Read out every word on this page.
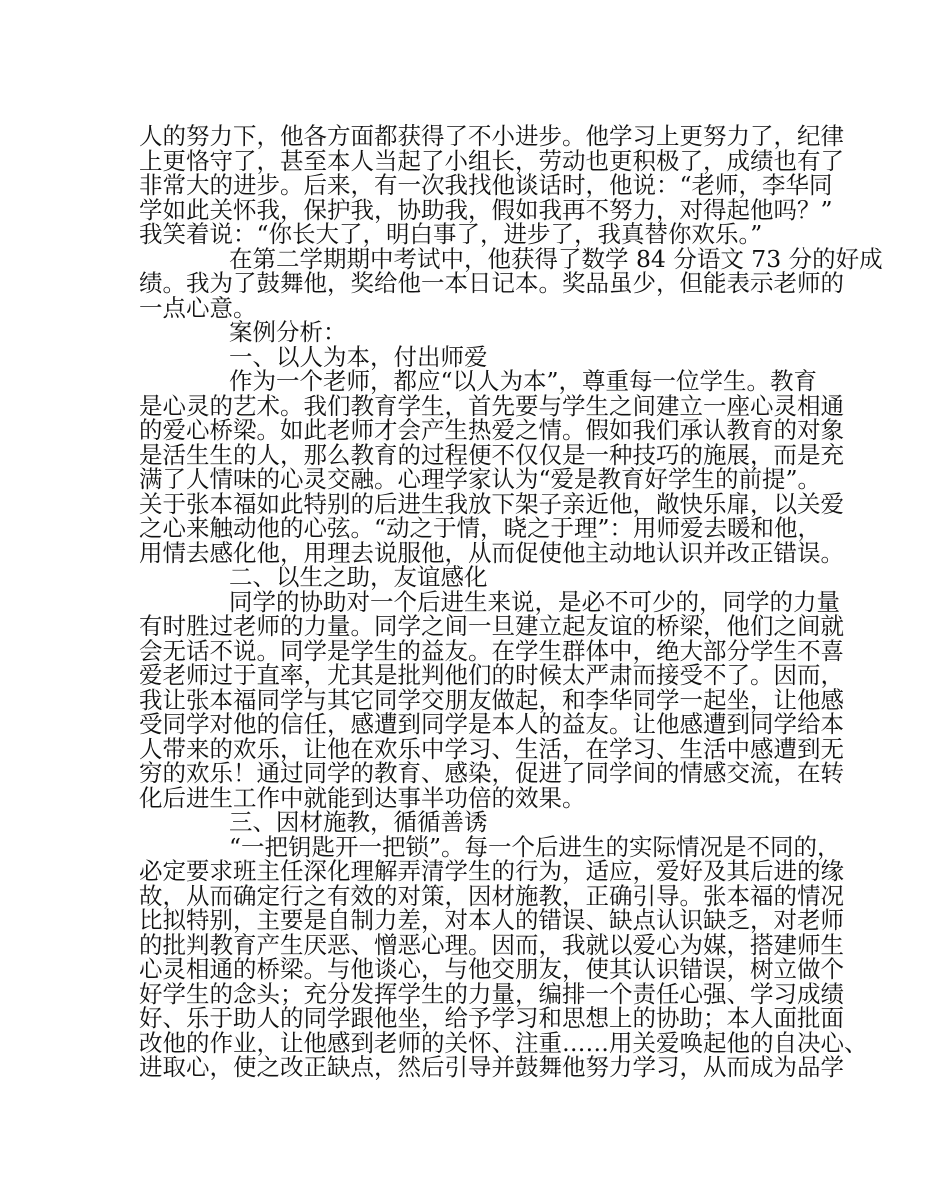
人的努力下，他各方面都获得了不小进步。他学习上更努力了，纪律
上更恪守了，甚至本人当起了小组长，劳动也更积极了，成绩也有了
非常大的进步。后来，有一次我找他谈话时，他说：“老师，李华同
学如此关怀我，保护我，协助我，假如我再不努力，对得起他吗？”
我笑着说：“你长大了，明白事了，进步了，我真替你欢乐。”
在第二学期期中考试中，他获得了数学 84 分语文 73 分的好成
绩。我为了鼓舞他，奖给他一本日记本。奖品虽少，但能表示老师的
一点心意。
案例分析：
一、以人为本，付出师爱
作为一个老师，都应“以人为本”，尊重每一位学生。教育
是心灵的艺术。我们教育学生，首先要与学生之间建立一座心灵相通
的爱心桥梁。如此老师才会产生热爱之情。假如我们承认教育的对象
是活生生的人，那么教育的过程便不仅仅是一种技巧的施展，而是充
满了人情味的心灵交融。心理学家认为“爱是教育好学生的前提”。
关于张本福如此特别的后进生我放下架子亲近他，敞快乐扉，以关爱
之心来触动他的心弦。“动之于情，晓之于理”：用师爱去暖和他，
用情去感化他，用理去说服他，从而促使他主动地认识并改正错误。
二、以生之助，友谊感化
同学的协助对一个后进生来说，是必不可少的，同学的力量
有时胜过老师的力量。同学之间一旦建立起友谊的桥梁，他们之间就
会无话不说。同学是学生的益友。在学生群体中，绝大部分学生不喜
爱老师过于直率，尤其是批判他们的时候太严肃而接受不了。因而，
我让张本福同学与其它同学交朋友做起，和李华同学一起坐，让他感
受同学对他的信任，感遭到同学是本人的益友。让他感遭到同学给本
人带来的欢乐，让他在欢乐中学习、生活，在学习、生活中感遭到无
穷的欢乐！通过同学的教育、感染，促进了同学间的情感交流，在转
化后进生工作中就能到达事半功倍的效果。
三、因材施教，循循善诱
“一把钥匙开一把锁”。每一个后进生的实际情况是不同的，
必定要求班主任深化理解弄清学生的行为，适应，爱好及其后进的缘
故，从而确定行之有效的对策，因材施教，正确引导。张本福的情况
比拟特别，主要是自制力差，对本人的错误、缺点认识缺乏，对老师
的批判教育产生厌恶、憎恶心理。因而，我就以爱心为媒，搭建师生
心灵相通的桥梁。与他谈心，与他交朋友，使其认识错误，树立做个
好学生的念头；充分发挥学生的力量，编排一个责任心强、学习成绩
好、乐于助人的同学跟他坐，给予学习和思想上的协助；本人面批面
改他的作业，让他感到老师的关怀、注重……用关爱唤起他的自决心、
进取心，使之改正缺点，然后引导并鼓舞他努力学习，从而成为品学
